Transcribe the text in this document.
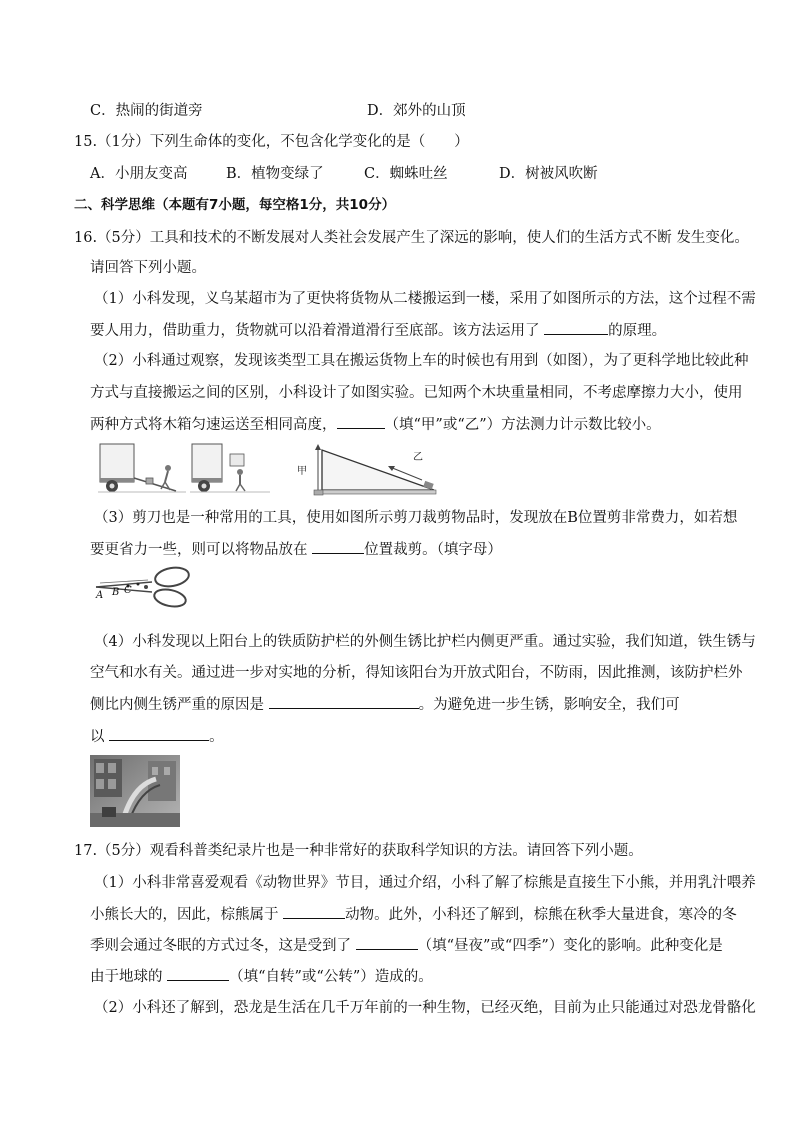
C．热闹的街道旁	D．郊外的山顶
15.（1分）下列生命体的变化，不包含化学变化的是（　　）
A．小朋友变高	B．植物变绿了	C．蜘蛛吐丝	D．树被风吹断
二、科学思维（本题有7小题，每空格1分，共10分）
16.（5分）工具和技术的不断发展对人类社会发展产生了深远的影响，使人们的生活方式不断 发生变化。
请回答下列小题。
（1）小科发现，义乌某超市为了更快将货物从二楼搬运到一楼，采用了如图所示的方法，这个过程不需
要人用力，借助重力，货物就可以沿着滑道滑行至底部。该方法运用了	的原理。
（2）小科通过观察，发现该类型工具在搬运货物上车的时候也有用到（如图），为了更科学地比较此种
方式与直接搬运之间的区别，小科设计了如图实验。已知两个木块重量相同，不考虑摩擦力大小，使用
两种方式将木箱匀速运送至相同高度，	（填“甲”或“乙”）方法测力计示数比较小。
甲
乙
（3）剪刀也是一种常用的工具，使用如图所示剪刀裁剪物品时，发现放在B位置剪非常费力，如若想
要更省力一些，则可以将物品放在	位置裁剪。（填字母）
A B C
（4）小科发现以上阳台上的铁质防护栏的外侧生锈比护栏内侧更严重。通过实验，我们知道，铁生锈与
空气和水有关。通过进一步对实地的分析，得知该阳台为开放式阳台，不防雨，因此推测，该防护栏外
侧比内侧生锈严重的原因是	。为避免进一步生锈，影响安全，我们可
以	。
17.（5分）观看科普类纪录片也是一种非常好的获取科学知识的方法。请回答下列小题。
（1）小科非常喜爱观看《动物世界》节目，通过介绍，小科了解了棕熊是直接生下小熊，并用乳汁喂养
小熊长大的，因此，棕熊属于	动物。此外，小科还了解到，棕熊在秋季大量进食，寒冷的冬
季则会通过冬眠的方式过冬，这是受到了	（填“昼夜”或“四季”）变化的影响。此种变化是
由于地球的	（填“自转”或“公转”）造成的。
（2）小科还了解到，恐龙是生活在几千万年前的一种生物，已经灭绝，目前为止只能通过对恐龙骨骼化
